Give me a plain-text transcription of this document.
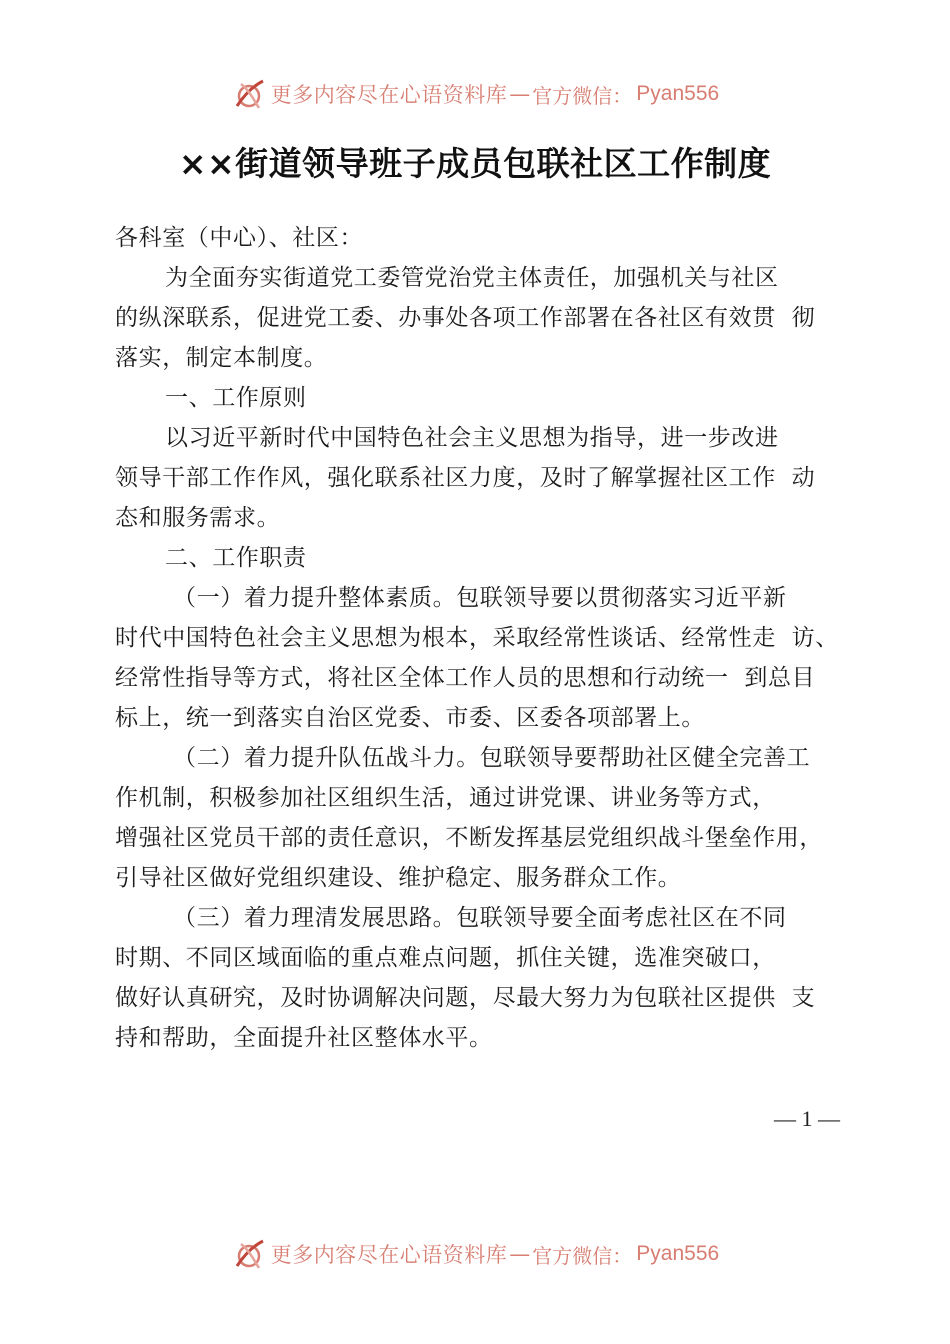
更多内容尽在心语资料库 — 官方微信： Pyan556
××街道领导班子成员包联社区工作制度

各科室（中心）、社区：

为全面夯实街道党工委管党治党主体责任，加强机关与社区

的纵深联系，促进党工委、办事处各项工作部署在各社区有效贯  彻

落实，制定本制度。

一、工作原则

以习近平新时代中国特色社会主义思想为指导，进一步改进

领导干部工作作风，强化联系社区力度，及时了解掌握社区工作  动

态和服务需求。

二、工作职责

（一）着力提升整体素质。包联领导要以贯彻落实习近平新

时代中国特色社会主义思想为根本，采取经常性谈话、经常性走  访、

经常性指导等方式，将社区全体工作人员的思想和行动统一  到总目

标上，统一到落实自治区党委、市委、区委各项部署上。

（二）着力提升队伍战斗力。包联领导要帮助社区健全完善工

作机制，积极参加社区组织生活，通过讲党课、讲业务等方式，

增强社区党员干部的责任意识，不断发挥基层党组织战斗堡垒作用，

引导社区做好党组织建设、维护稳定、服务群众工作。

（三）着力理清发展思路。包联领导要全面考虑社区在不同

时期、不同区域面临的重点难点问题，抓住关键，选准突破口，

做好认真研究，及时协调解决问题，尽最大努力为包联社区提供  支

持和帮助，全面提升社区整体水平。

— 1 —
更多内容尽在心语资料库 — 官方微信： Pyan556
